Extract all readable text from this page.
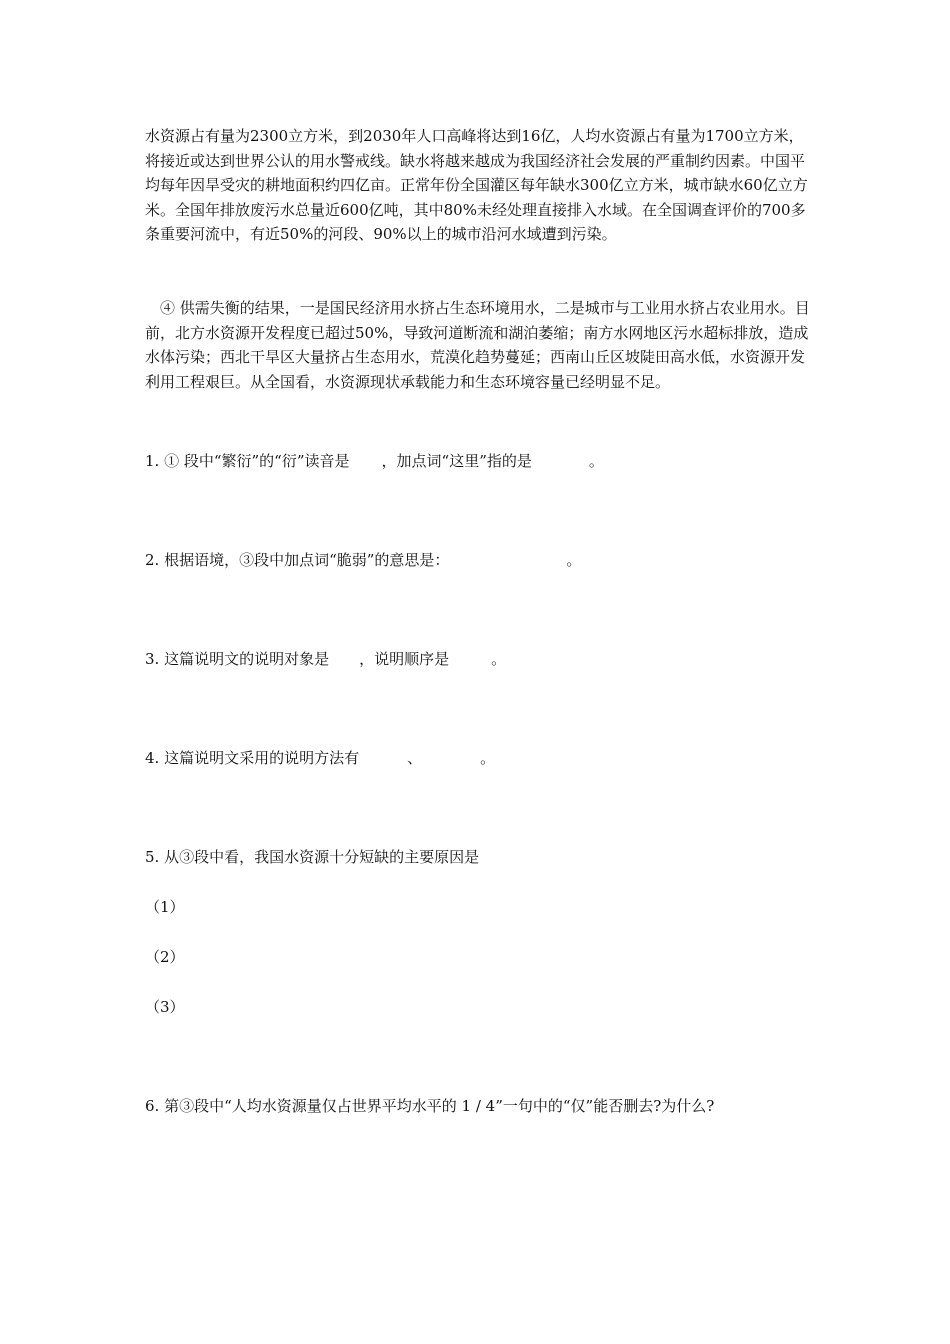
水资源占有量为2300立方米，到2030年人口高峰将达到16亿，人均水资源占有量为1700立方米，将接近或达到世界公认的用水警戒线。缺水将越来越成为我国经济社会发展的严重制约因素。中国平均每年因旱受灾的耕地面积约四亿亩。正常年份全国灌区每年缺水300亿立方米，城市缺水60亿立方米。全国年排放废污水总量近600亿吨，其中80%未经处理直接排入水域。在全国调查评价的700多条重要河流中，有近50%的河段、90%以上的城市沿河水域遭到污染。

④ 供需失衡的结果，一是国民经济用水挤占生态环境用水，二是城市与工业用水挤占农业用水。目前，北方水资源开发程度已超过50%，导致河道断流和湖泊萎缩；南方水网地区污水超标排放，造成水体污染；西北干旱区大量挤占生态用水，荒漠化趋势蔓延；西南山丘区坡陡田高水低，水资源开发利用工程艰巨。从全国看，水资源现状承载能力和生态环境容量已经明显不足。

1. ① 段中“繁衍”的“衍”读音是 ，加点词“这里”指的是	。
2. 根据语境，③段中加点词“脆弱”的意思是：	。
3. 这篇说明文的说明对象是 ，说明顺序是	。
4. 这篇说明文采用的说明方法有	、	。
5. 从③段中看，我国水资源十分短缺的主要原因是
（1）
（2）
（3）
6. 第③段中“人均水资源量仅占世界平均水平的 1 / 4”一句中的“仅”能否删去?为什么?
